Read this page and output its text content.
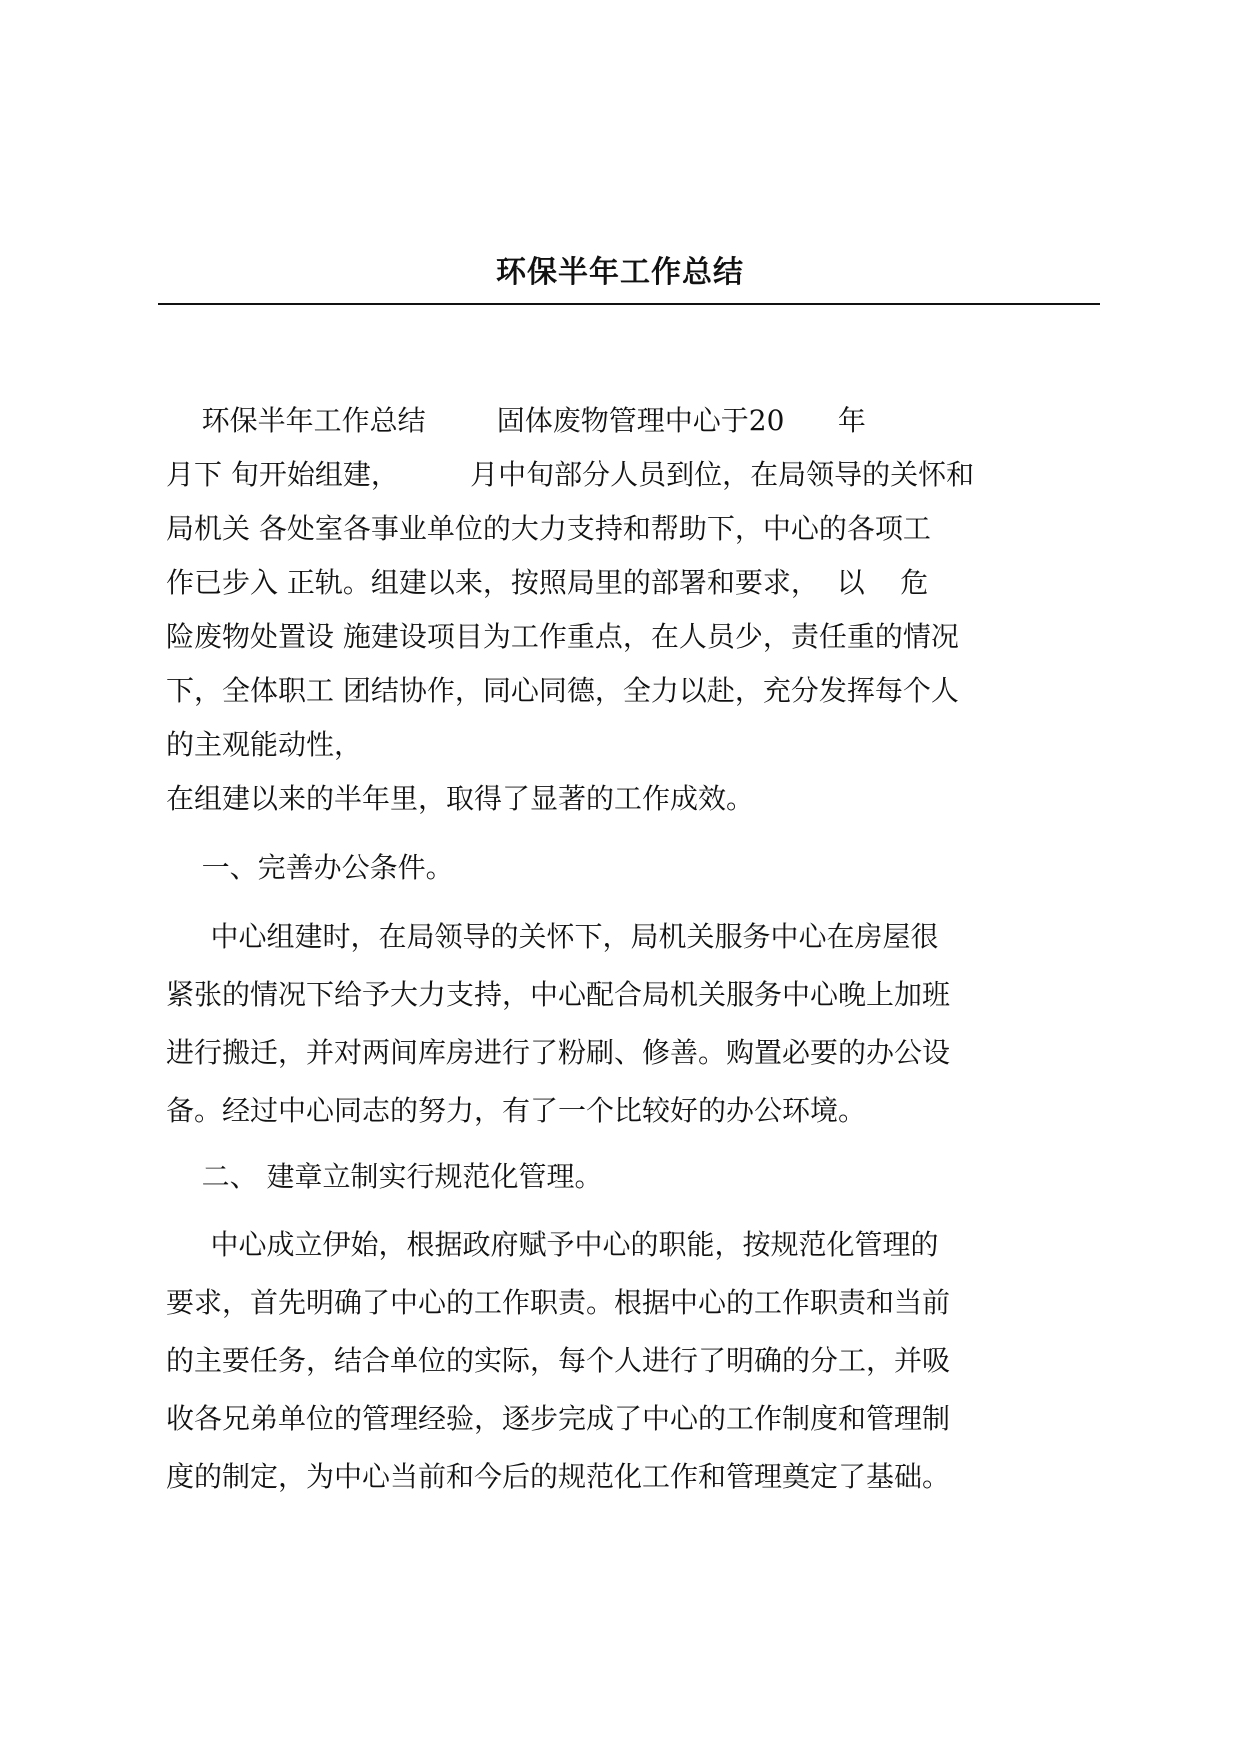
环保半年工作总结
环保半年工作总结        固体废物管理中心于20      年
月下 旬开始组建，        月中旬部分人员到位，在局领导的关怀和
局机关 各处室各事业单位的大力支持和帮助下，中心的各项工
作已步入 正轨。组建以来，按照局里的部署和要求，  以    危
险废物处置设 施建设项目为工作重点，在人员少，责任重的情况
下，全体职工 团结协作，同心同德，全力以赴，充分发挥每个人
的主观能动性，
在组建以来的半年里，取得了显著的工作成效。
一、完善办公条件。
中心组建时，在局领导的关怀下，局机关服务中心在房屋很
紧张的情况下给予大力支持，中心配合局机关服务中心晚上加班
进行搬迁，并对两间库房进行了粉刷、修善。购置必要的办公设
备。经过中心同志的努力，有了一个比较好的办公环境。
二、 建章立制实行规范化管理。
中心成立伊始，根据政府赋予中心的职能，按规范化管理的
要求，首先明确了中心的工作职责。根据中心的工作职责和当前
的主要任务，结合单位的实际，每个人进行了明确的分工，并吸
收各兄弟单位的管理经验，逐步完成了中心的工作制度和管理制
度的制定，为中心当前和今后的规范化工作和管理奠定了基础。
